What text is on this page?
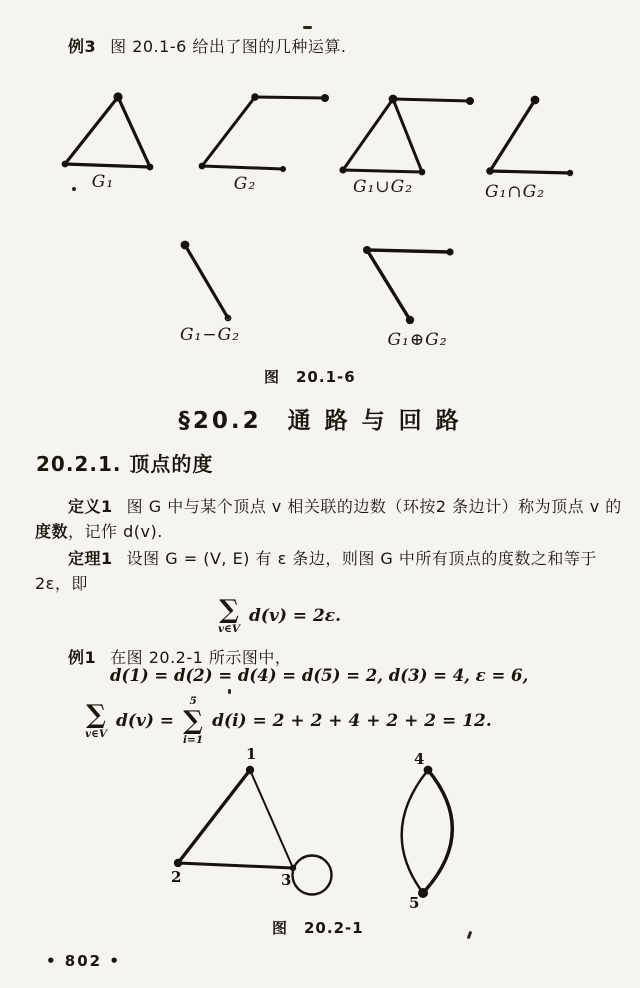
例3 图 20.1-6 给出了图的几种运算.
G₁	G₂	G₁∪G₂	G₁∩G₂
G₁−G₂	G₁⊕G₂
图　20.1-6
§20.2　通 路 与 回 路
20.2.1. 顶点的度
定义1 图 G 中与某个顶点 v 相关联的边数（环按2 条边计）称为顶点 v 的
度数，记作 d(v).
定理1 设图 G = (V, E) 有 ε 条边，则图 G 中所有顶点的度数之和等于
2ε，即
∑
v∈V
d(v) = 2ε.
例1 在图 20.2-1 所示图中，
d(1) = d(2) = d(4) = d(5) = 2, d(3) = 4, ε = 6,
∑
v∈V
d(v) =
5
∑
i=1
d(i) = 2 + 2 + 4 + 2 + 2 = 12.
1
2	3
4
5
图　20.2-1
• 802 •
